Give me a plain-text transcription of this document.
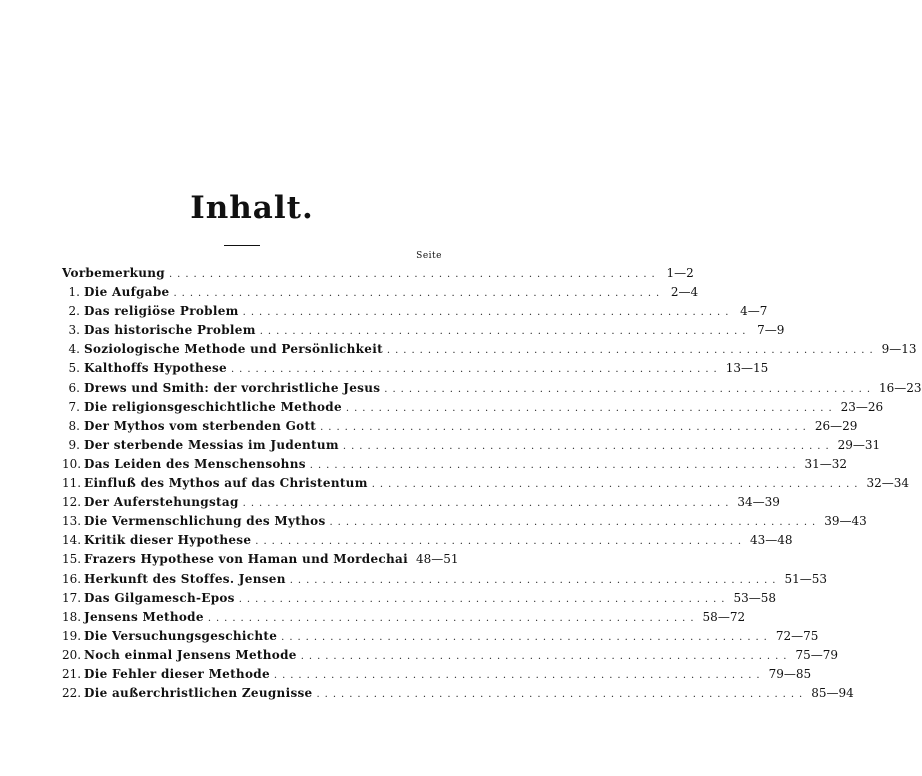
Inhalt.
Seite
Vorbemerkung ............................................................ 1—2
1. Die Aufgabe ............................................................ 2—4
2. Das religiöse Problem ............................................................ 4—7
3. Das historische Problem ............................................................ 7—9
4. Soziologische Methode und Persönlichkeit ............................................................ 9—13
5. Kalthoffs Hypothese ............................................................ 13—15
6. Drews und Smith: der vorchristliche Jesus ............................................................ 16—23
7. Die religionsgeschichtliche Methode ............................................................ 23—26
8. Der Mythos vom sterbenden Gott ............................................................ 26—29
9. Der sterbende Messias im Judentum ............................................................ 29—31
10. Das Leiden des Menschensohns ............................................................ 31—32
11. Einfluß des Mythos auf das Christentum ............................................................ 32—34
12. Der Auferstehungstag ............................................................ 34—39
13. Die Vermenschlichung des Mythos ............................................................ 39—43
14. Kritik dieser Hypothese ............................................................ 43—48
15. Frazers Hypothese von Haman und Mordechai 48—51
16. Herkunft des Stoffes. Jensen ............................................................ 51—53
17. Das Gilgamesch-Epos ............................................................ 53—58
18. Jensens Methode ............................................................ 58—72
19. Die Versuchungsgeschichte ............................................................ 72—75
20. Noch einmal Jensens Methode ............................................................ 75—79
21. Die Fehler dieser Methode ............................................................ 79—85
22. Die außerchristlichen Zeugnisse ............................................................ 85—94
